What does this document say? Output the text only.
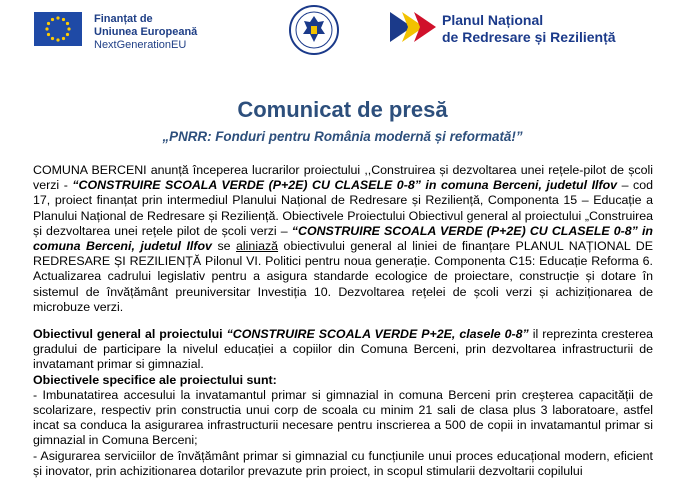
Finanțat de
Uniunea Europeană
NextGenerationEU
Planul Național
de Redresare și Reziliență
Comunicat de presă
„PNRR: Fonduri pentru România modernă și reformată!”

COMUNA BERCENI anunță începerea lucrarilor proiectului ,,Construirea și dezvoltarea unei rețele-pilot de școli verzi - “CONSTRUIRE SCOALA VERDE (P+2E) CU CLASELE 0-8” in comuna Berceni, judetul Ilfov – cod 17, proiect finanțat prin intermediul Planului Național de Redresare și Reziliență, Componenta 15 – Educație a Planului Național de Redresare și Reziliență. Obiectivele Proiectului Obiectivul general al proiectului „Construirea și dezvoltarea unei rețele pilot de școli verzi – “CONSTRUIRE SCOALA VERDE (P+2E) CU CLASELE 0-8” in comuna Berceni, judetul Ilfov se aliniază obiectivului general al liniei de finanțare PLANUL NAȚIONAL DE REDRESARE ȘI REZILIENȚĂ Pilonul VI. Politici pentru noua generație. Componenta C15: Educație Reforma 6. Actualizarea cadrului legislativ pentru a asigura standarde ecologice de proiectare, construcție și dotare în sistemul de învățământ preuniversitar Investiția 10. Dezvoltarea rețelei de școli verzi și achiziționarea de microbuze verzi.

Obiectivul general al proiectului “CONSTRUIRE SCOALA VERDE P+2E, clasele 0-8” il reprezinta cresterea gradului de participare la nivelul educației a copiilor din Comuna Berceni, prin dezvoltarea infrastructurii de invatamant primar si gimnazial.

Obiectivele specifice ale proiectului sunt:

- Imbunatatirea accesului la invatamantul primar si gimnazial in comuna Berceni prin creșterea capacității de scolarizare, respectiv prin constructia unui corp de scoala cu minim 21 sali de clasa plus 3 laboratoare, astfel incat sa conduca la asigurarea infrastructurii necesare pentru inscrierea a 500 de copii in invatamantul primar si gimnazial in Comuna Berceni;

- Asigurarea serviciilor de învățământ primar si gimnazial cu funcțiunile unui proces educațional modern, eficient și inovator, prin achizitionarea dotarilor prevazute prin proiect, in scopul stimularii dezvoltarii copilului
